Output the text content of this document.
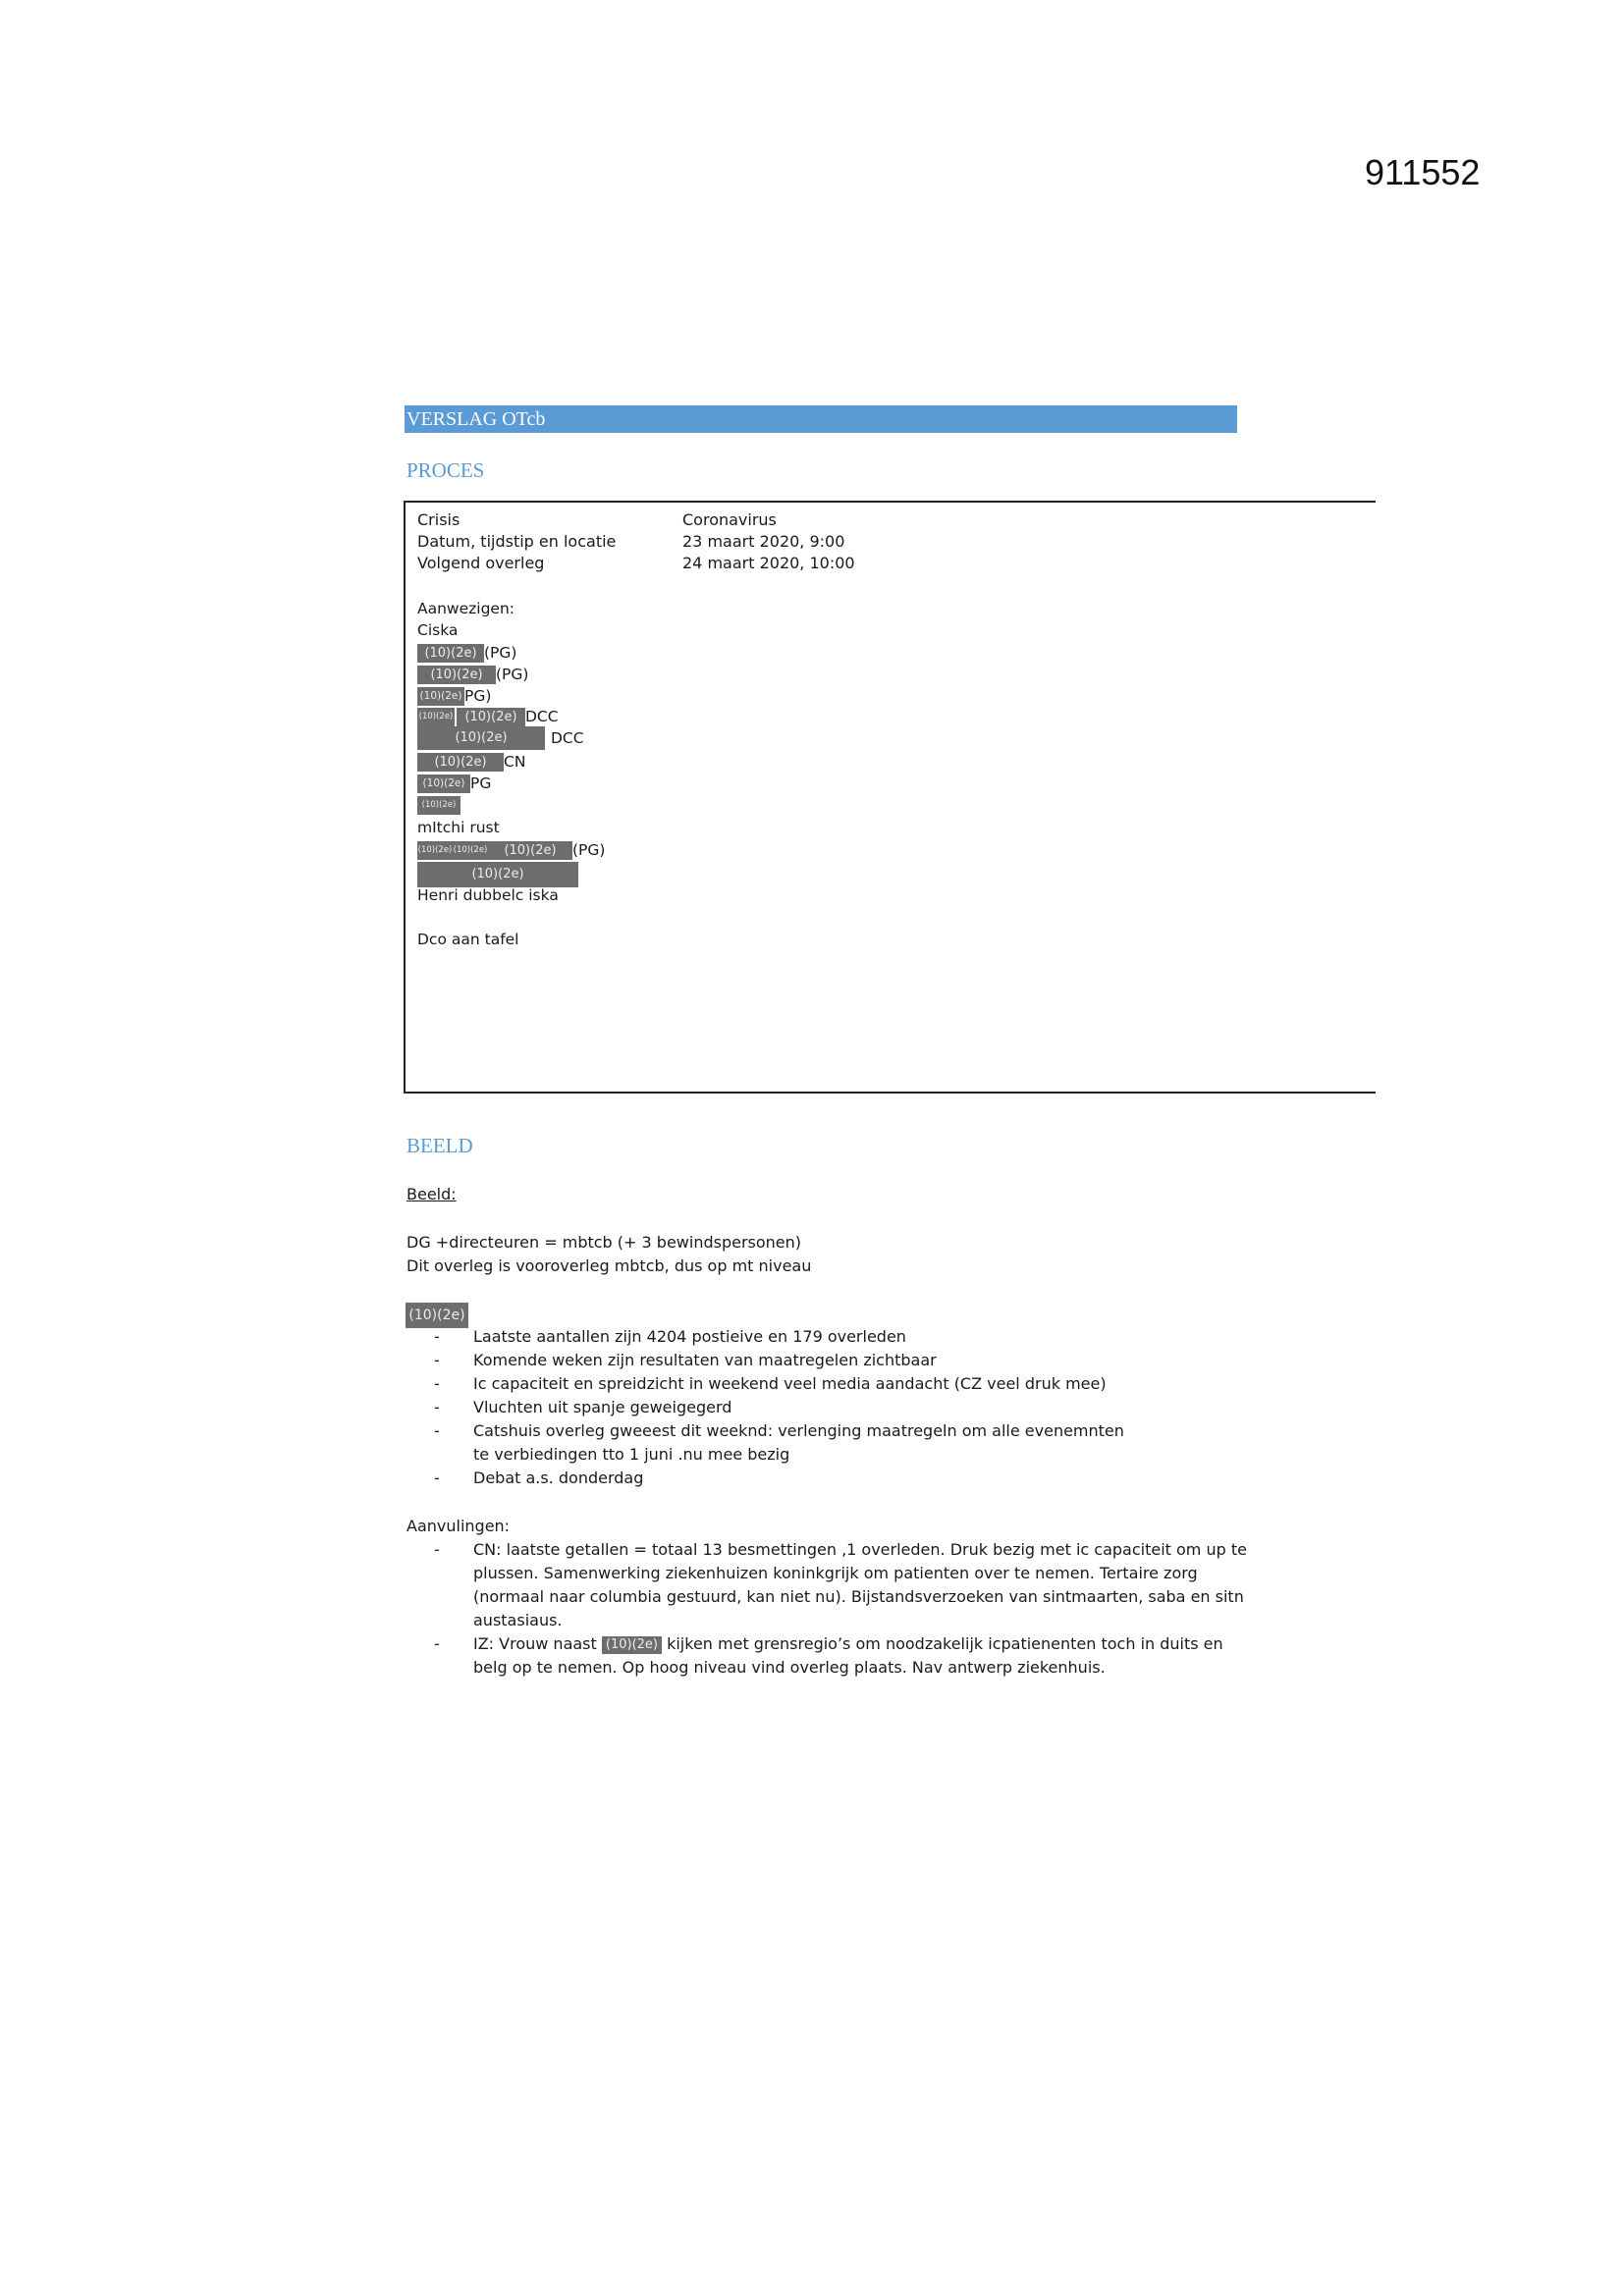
911552
VERSLAG OTcb
PROCES
Crisis	Coronavirus
Datum, tijdstip en locatie	23 maart 2020, 9:00
Volgend overleg	24 maart 2020, 10:00
Aanwezigen:
Ciska
(10)(2e) (PG)
(10)(2e) (PG)
(10)(2e) PG)
(10)(2e) (10)(2e) DCC
DCC
(10)(2e)
(10)(2e) CN
(10)(2e) PG
(10)(2e)
mItchi rust
(10)(2e)(10)(2e) (10)(2e) (PG)
(10)(2e)
Henri dubbelc iska
Dco aan tafel
BEELD
Beeld:
DG +directeuren = mbtcb (+ 3 bewindspersonen)
Dit overleg is vooroverleg mbtcb, dus op mt niveau
(10)(2e)
-	Laatste aantallen zijn 4204 postieive en 179 overleden
-	Komende weken zijn resultaten van maatregelen zichtbaar
-	Ic capaciteit en spreidzicht in weekend veel media aandacht (CZ veel druk mee)
-	Vluchten uit spanje geweigegerd
-	Catshuis overleg gweeest dit weeknd: verlenging maatregeln om alle evenemnten te verbiedingen tto 1 juni .nu mee bezig
-	Debat a.s. donderdag
Aanvulingen:
-	CN: laatste getallen = totaal 13 besmettingen ,1 overleden. Druk bezig met ic capaciteit om up te plussen. Samenwerking ziekenhuizen koninkgrijk om patienten over te nemen. Tertaire zorg (normaal naar columbia gestuurd, kan niet nu). Bijstandsverzoeken van sintmaarten, saba en sitn austasiaus.
-	IZ: Vrouw naast (10)(2e) kijken met grensregio’s om noodzakelijk icpatienenten toch in duits en belg op te nemen. Op hoog niveau vind overleg plaats. Nav antwerp ziekenhuis.
